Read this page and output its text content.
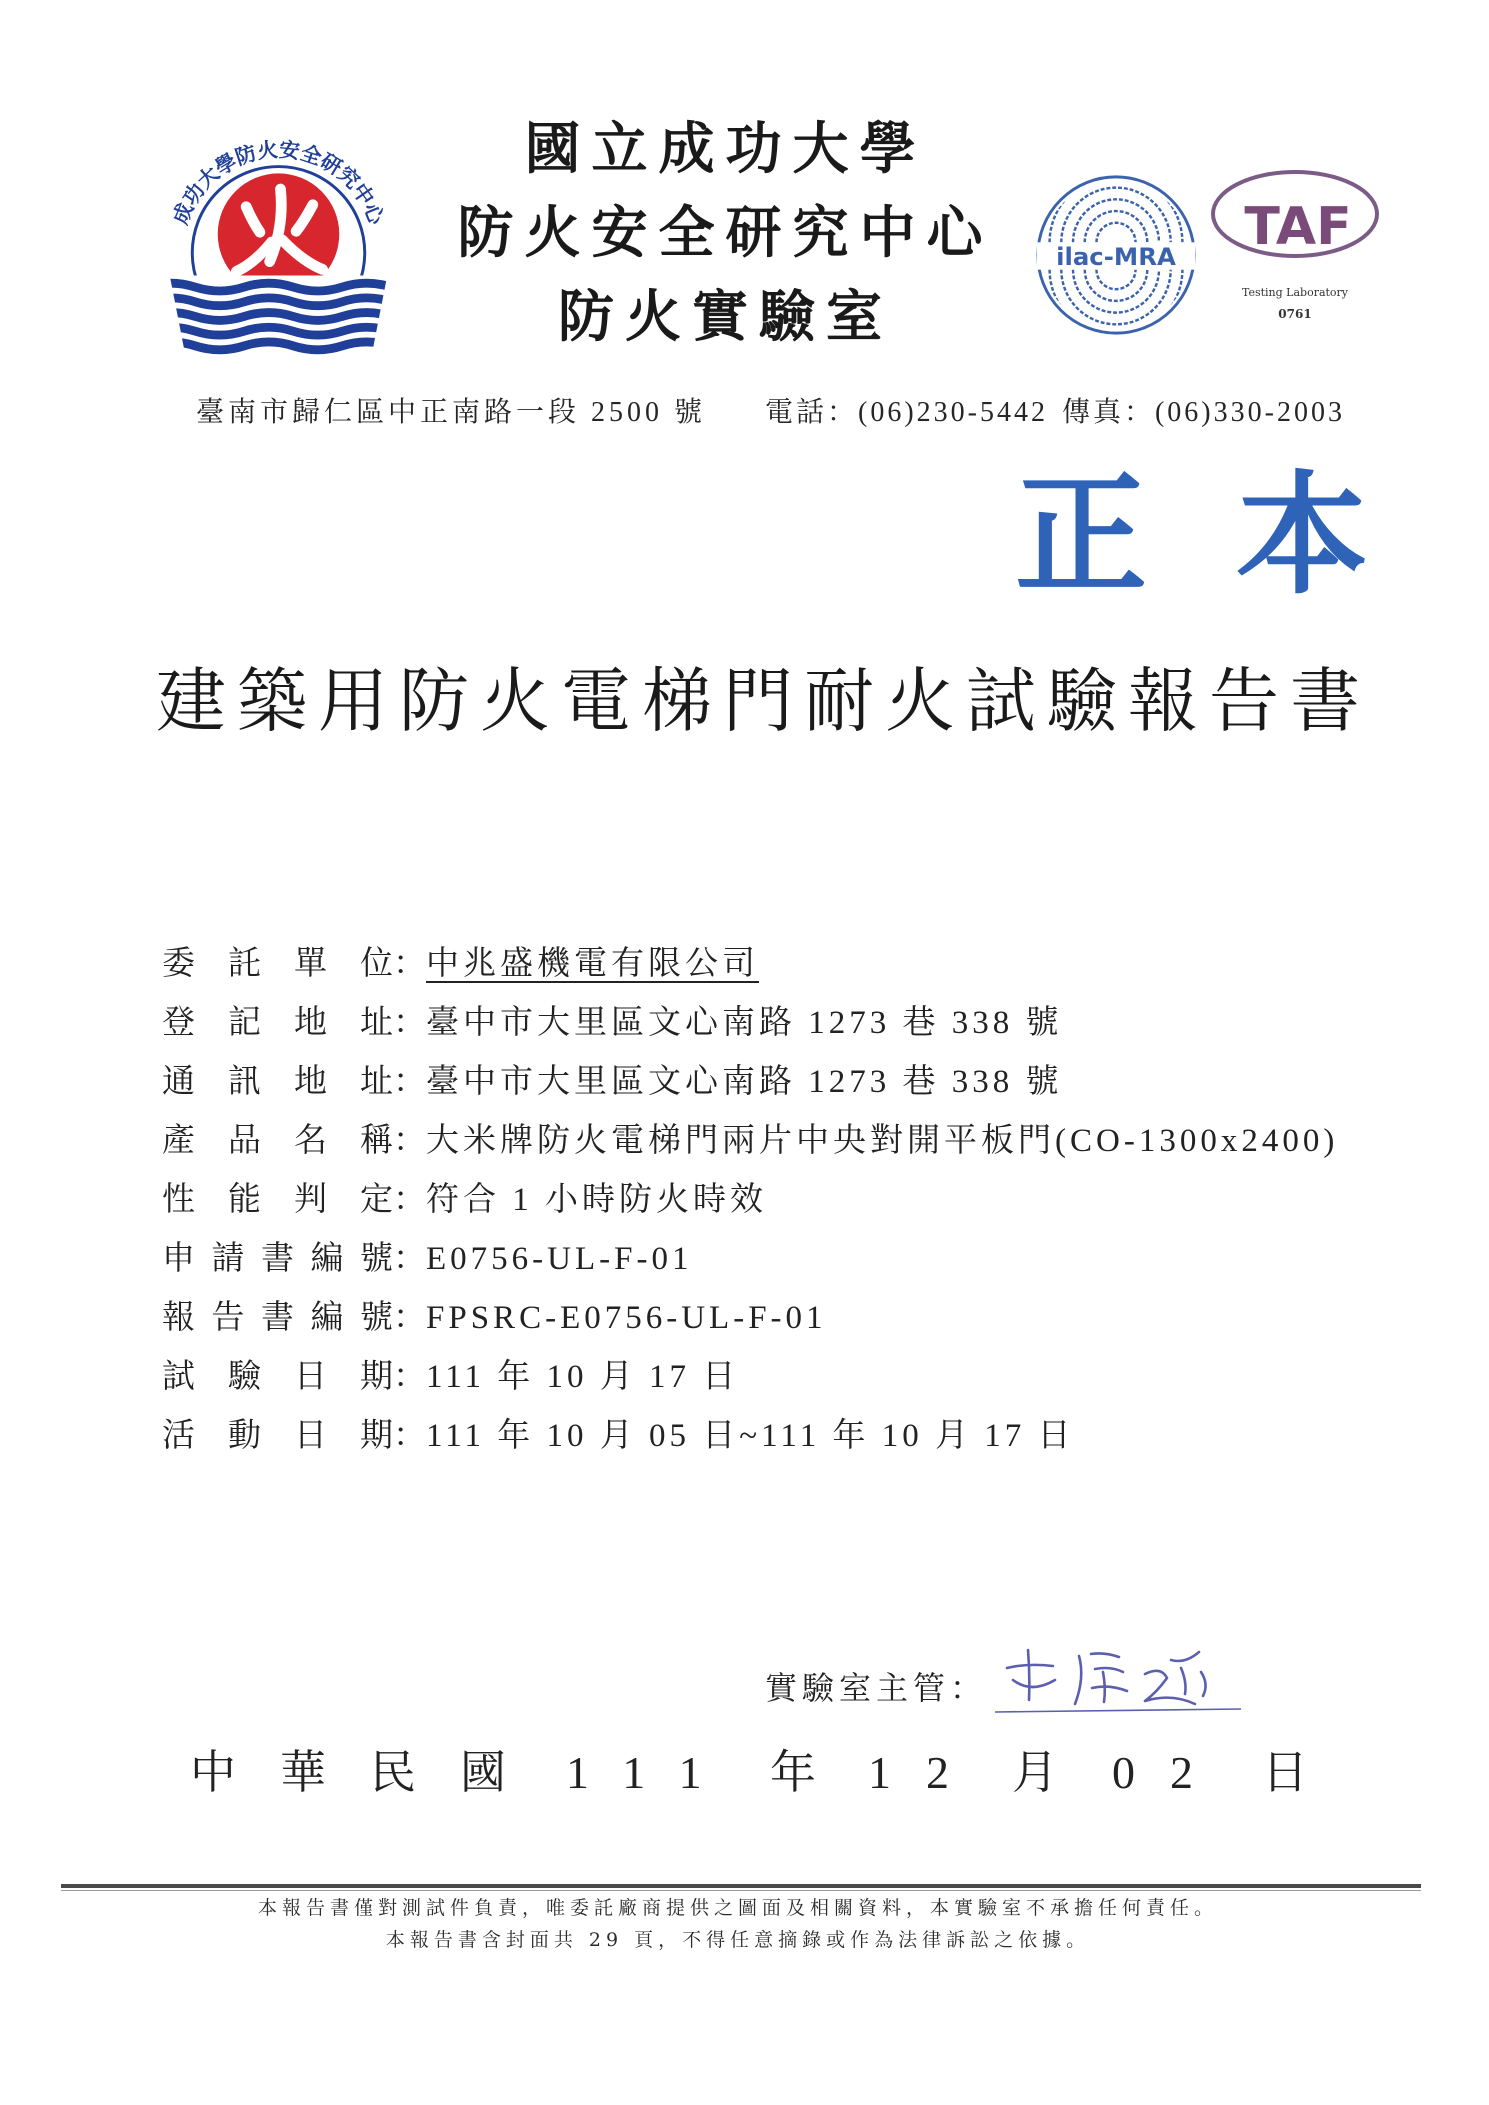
成功大學防火安全研究中心
國立成功大學
防火安全研究中心
防火實驗室
ilac-MRA TAF
Testing Laboratory
0761
臺南市歸仁區中正南路一段 2500 號 電話：(06)230-5442 傳真：(06)330-2003
正 本
建築用防火電梯門耐火試驗報告書
委託單位：中兆盛機電有限公司
登記地址：臺中市大里區文心南路 1273 巷 338 號
通訊地址：臺中市大里區文心南路 1273 巷 338 號
產品名稱：大米牌防火電梯門兩片中央對開平板門(CO-1300x2400)
性能判定：符合 1 小時防火時效
申請書編號：E0756-UL-F-01
報告書編號：FPSRC-E0756-UL-F-01
試驗日期：111 年 10 月 17 日
活動日期：111 年 10 月 05 日~111 年 10 月 17 日
實驗室主管：
中華民國 111 年 12 月 02 日
本報告書僅對測試件負責，唯委託廠商提供之圖面及相關資料，本實驗室不承擔任何責任。
本報告書含封面共 29 頁，不得任意摘錄或作為法律訴訟之依據。
